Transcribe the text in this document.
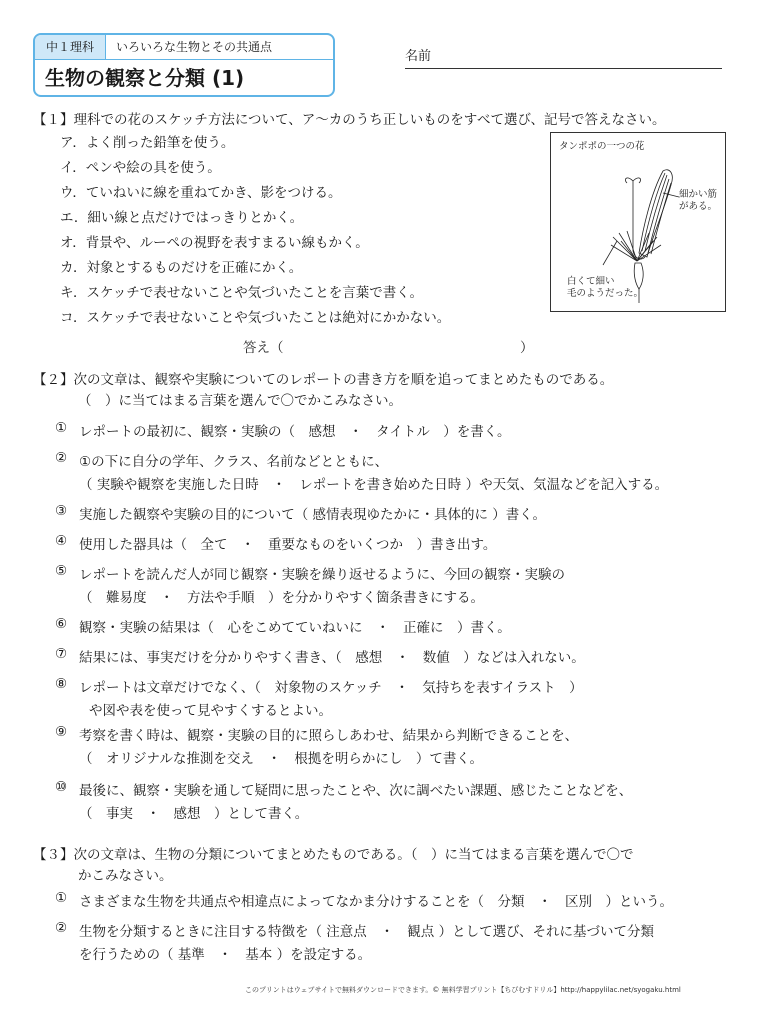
中１理科	いろいろな生物とその共通点
生物の観察と分類 (1)
名前
【１】理科での花のスケッチ方法について、ア～カのうち正しいものをすべて選び、記号で答えなさい。
ア．よく削った鉛筆を使う。
イ．ペンや絵の具を使う。
ウ．ていねいに線を重ねてかき、影をつける。
エ．細い線と点だけではっきりとかく。
オ．背景や、ルーペの視野を表すまるい線もかく。
カ．対象とするものだけを正確にかく。
キ．スケッチで表せないことや気づいたことを言葉で書く。
コ．スケッチで表せないことや気づいたことは絶対にかかない。
答え（	）
タンポポの一つの花
細かい筋
がある。
白くて細い
毛のようだった。
【２】次の文章は、観察や実験についてのレポートの書き方を順を追ってまとめたものである。
（　）に当てはまる言葉を選んで〇でかこみなさい。
① レポートの最初に、観察・実験の（　感想　・　タイトル　）を書く。
② ①の下に自分の学年、クラス、名前などとともに、
（ 実験や観察を実施した日時　・　レポートを書き始めた日時 ）や天気、気温などを記入する。
③ 実施した観察や実験の目的について（ 感情表現ゆたかに・具体的に ）書く。
④ 使用した器具は（　全て　・　重要なものをいくつか　）書き出す。
⑤ レポートを読んだ人が同じ観察・実験を繰り返せるように、今回の観察・実験の
（　難易度　・　方法や手順　）を分かりやすく箇条書きにする。
⑥ 観察・実験の結果は（　心をこめてていねいに　・　正確に　）書く。
⑦ 結果には、事実だけを分かりやすく書き、（　感想　・　数値　）などは入れない。
⑧ レポートは文章だけでなく、（　対象物のスケッチ　・　気持ちを表すイラスト　）
や図や表を使って見やすくするとよい。
⑨ 考察を書く時は、観察・実験の目的に照らしあわせ、結果から判断できることを、
（　オリジナルな推測を交え　・　根拠を明らかにし　）て書く。
⑩ 最後に、観察・実験を通して疑問に思ったことや、次に調べたい課題、感じたことなどを、
（　事実　・　感想　）として書く。
【３】次の文章は、生物の分類についてまとめたものである。（　）に当てはまる言葉を選んで〇で
かこみなさい。
① さまざまな生物を共通点や相違点によってなかま分けすることを（　分類　・　区別　）という。
② 生物を分類するときに注目する特徴を（ 注意点　・　観点 ）として選び、それに基づいて分類
を行うための（ 基準　・　基本 ）を設定する。
このプリントはウェブサイトで無料ダウンロードできます。© 無料学習プリント【ちびむすドリル】http://happylilac.net/syogaku.html
